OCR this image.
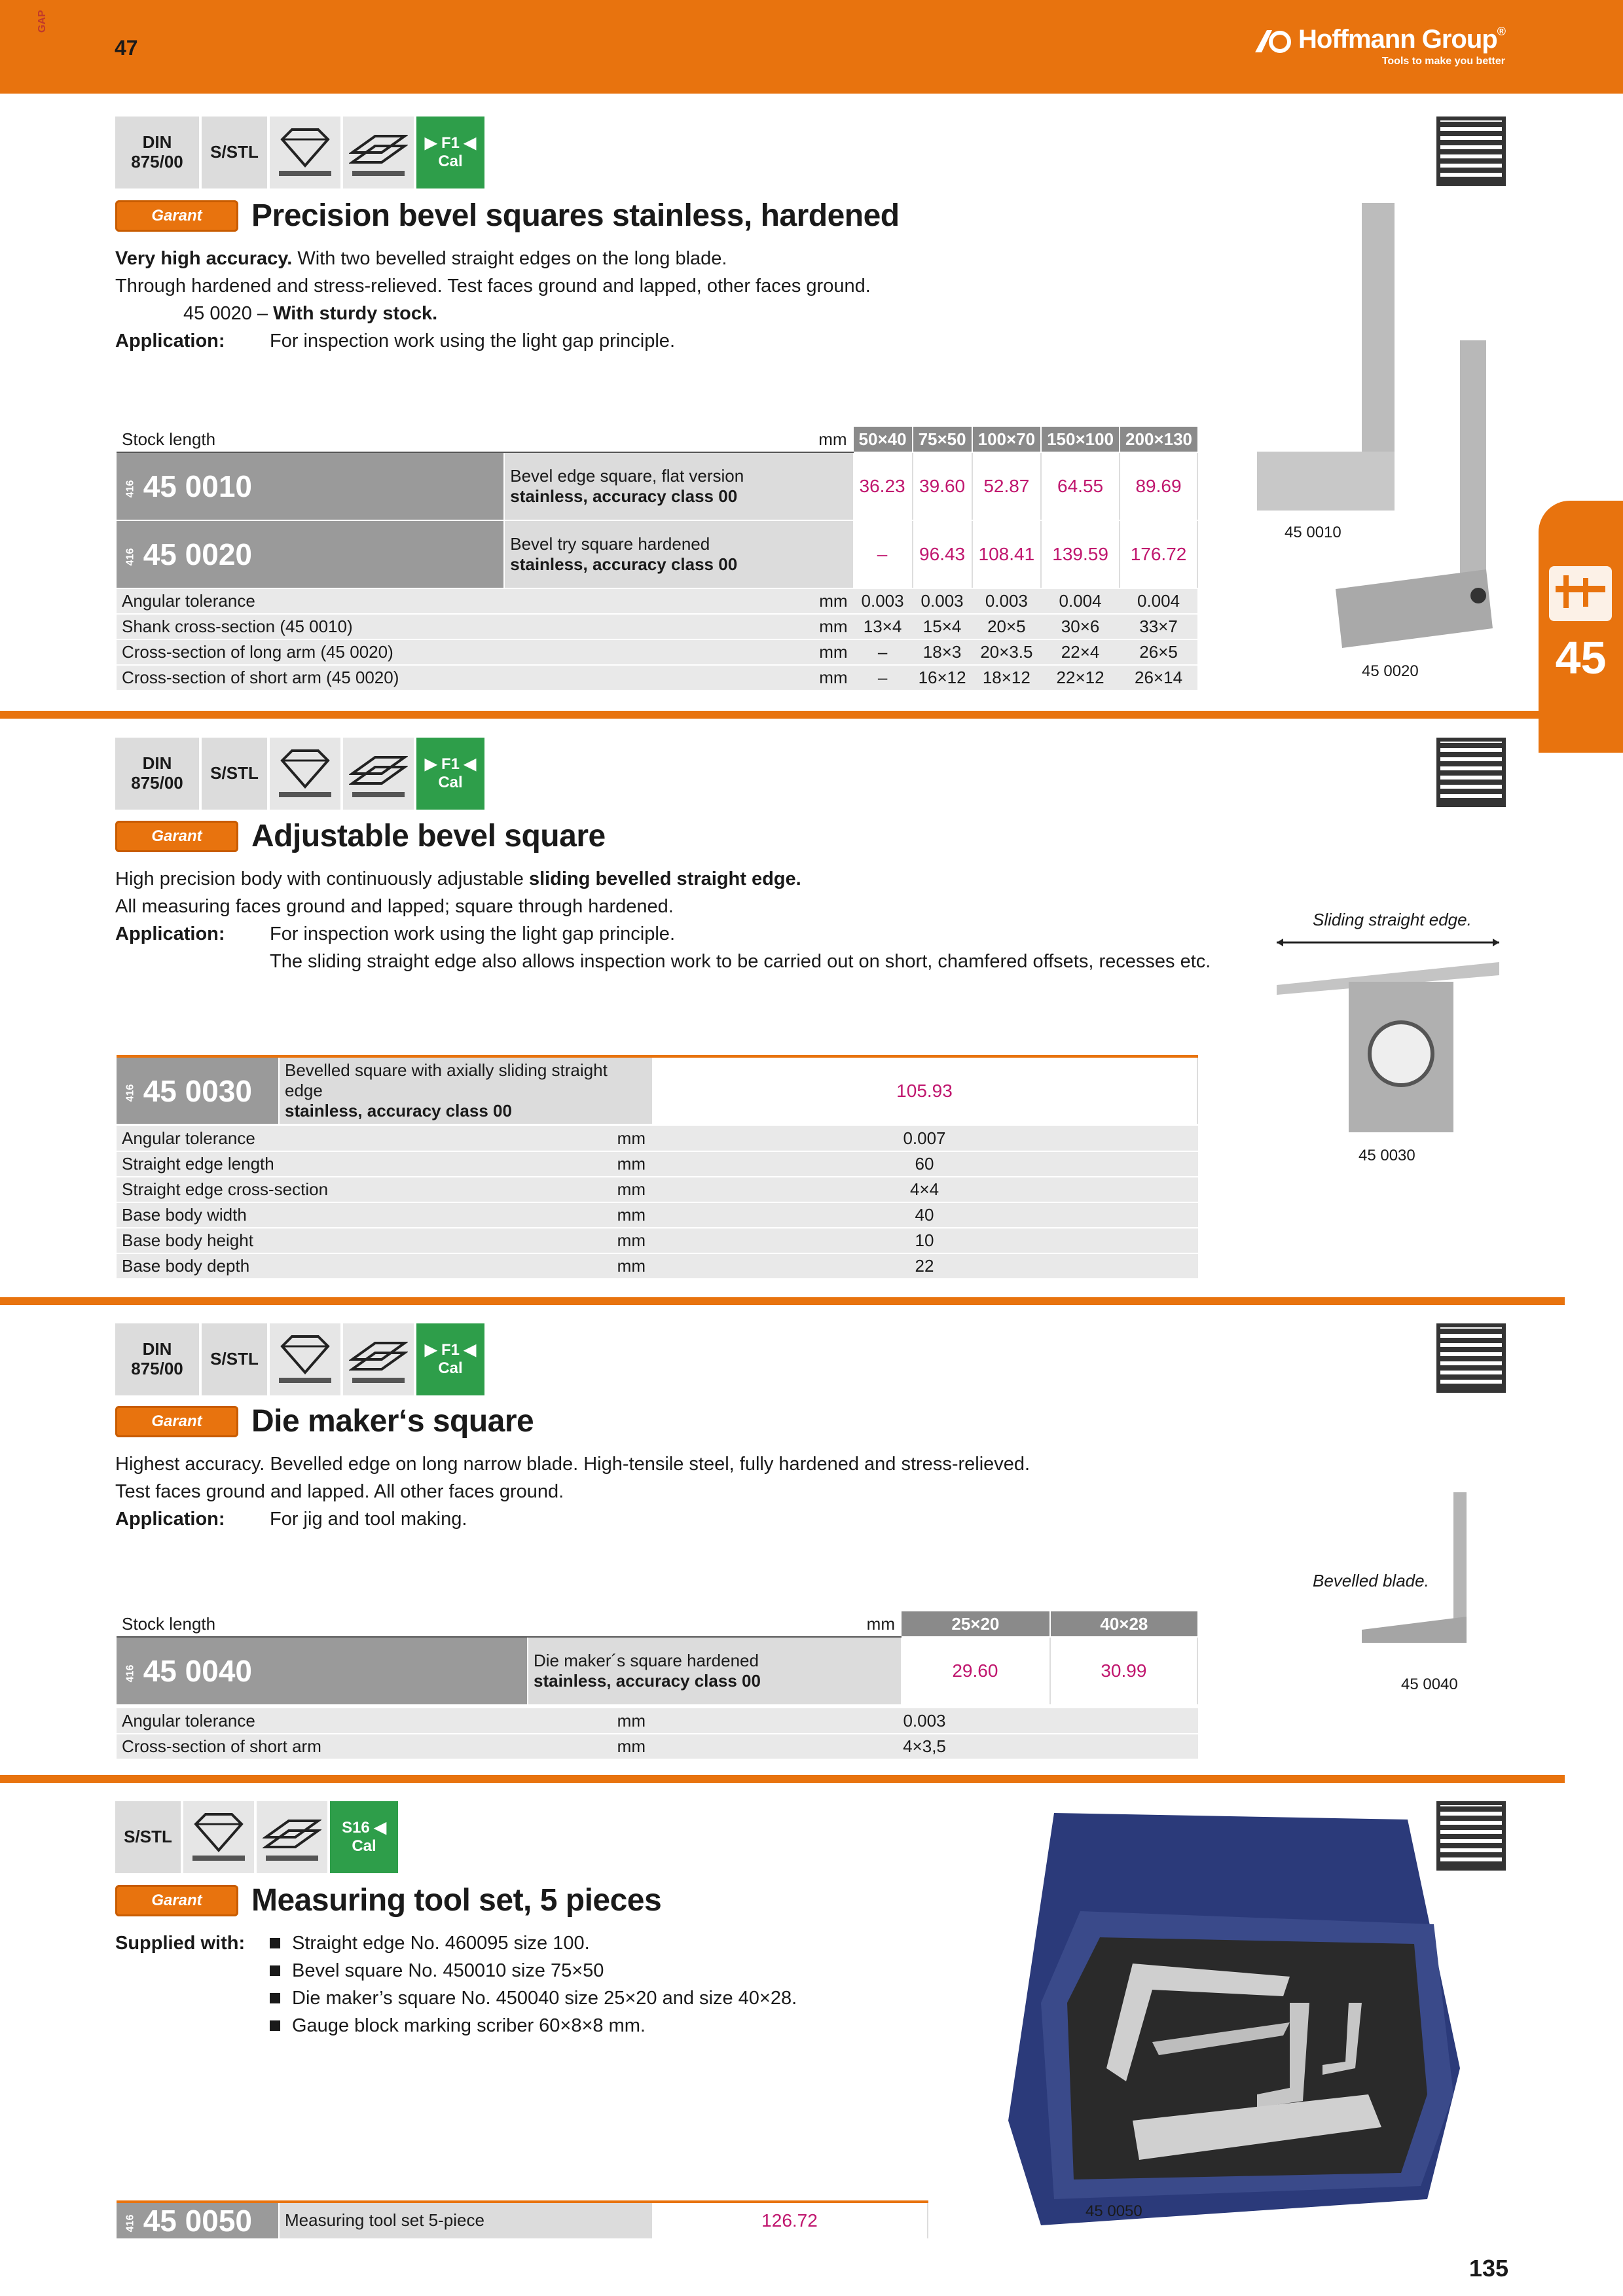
GAP
47	Hoffmann Group®
Tools to make you better
45
DIN
875/00	S/STL	▶ F1 ◀
Cal
Garant	Precision bevel squares stainless, hardened
Very high accuracy. With two bevelled straight edges on the long blade.
Through hardened and stress-relieved. Test faces ground and lapped, other faces ground.
45 0020 – With sturdy stock.
Application: For inspection work using the light gap principle.
Stock length	mm	50×40	75×50	100×70	150×100	200×130
416 45 0010	Bevel edge square, flat version
stainless, accuracy class 00	36.23	39.60	52.87	64.55	89.69
416 45 0020	Bevel try square hardened
stainless, accuracy class 00	–	96.43	108.41	139.59	176.72
Angular tolerance	mm	0.003	0.003	0.003	0.004	0.004
Shank cross-section (45 0010)	mm	13×4	15×4	20×5	30×6	33×7
Cross-section of long arm (45 0020)	mm	–	18×3	20×3.5	22×4	26×5
Cross-section of short arm (45 0020)	mm	–	16×12	18×12	22×12	26×14
45 0010
45 0020
DIN
875/00	S/STL	▶ F1 ◀
Cal
Garant	Adjustable bevel square
High precision body with continuously adjustable sliding bevelled straight edge.
All measuring faces ground and lapped; square through hardened.
Application: For inspection work using the light gap principle.
The sliding straight edge also allows inspection work to be carried out on short, chamfered offsets, recesses etc.
416 45 0030	
Bevelled square with axially sliding straight edge
stainless, accuracy class 00	105.93
Angular tolerance	mm	0.007
Straight edge length	mm	60
Straight edge cross-section	mm	4×4
Base body width	mm	40
Base body height	mm	10
Base body depth	mm	22
Sliding straight edge.
45 0030
DIN
875/00	S/STL	▶ F1 ◀
Cal
Garant	Die maker‘s square
Highest accuracy. Bevelled edge on long narrow blade. High-tensile steel, fully hardened and stress-relieved.
Test faces ground and lapped. All other faces ground.
Application: For jig and tool making.
Stock length	mm	25×20	40×28
416 45 0040	Die maker´s square hardened
stainless, accuracy class 00	29.60	30.99
Angular tolerance	mm	0.003
Cross-section of short arm	mm	4×3,5
Bevelled blade.
45 0040
S/STL	S16 ◀
Cal
Garant	Measuring tool set, 5 pieces
Supplied with:	Straight edge No. 460095 size 100.
Bevel square No. 450010 size 75×50
Die maker’s square No. 450040 size 25×20 and size 40×28.
Gauge block marking scriber 60×8×8 mm.
416 45 0050	Measuring tool set 5-piece	126.72	45 0050
135
